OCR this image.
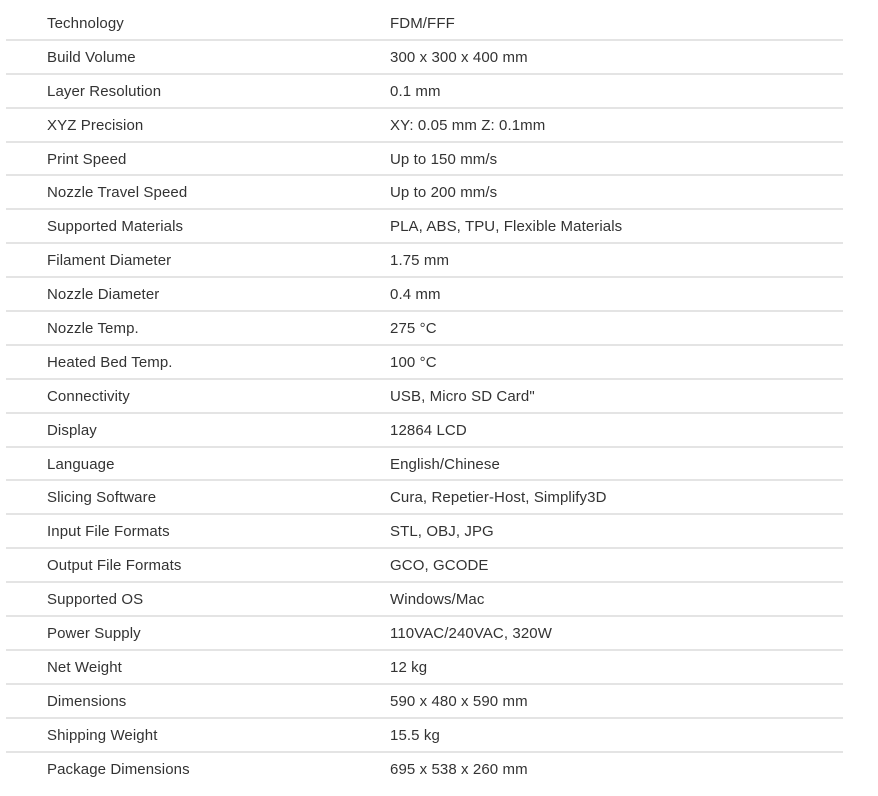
Technology	FDM/FFF
Build Volume	300 x 300 x 400 mm
Layer Resolution	0.1 mm
XYZ Precision	XY: 0.05 mm Z: 0.1mm
Print Speed	Up to 150 mm/s
Nozzle Travel Speed	Up to 200 mm/s
Supported Materials	PLA, ABS, TPU, Flexible Materials
Filament Diameter	1.75 mm
Nozzle Diameter	0.4 mm
Nozzle Temp.	275 °C
Heated Bed Temp.	100 °C
Connectivity	USB, Micro SD Card"
Display	12864 LCD
Language	English/Chinese
Slicing Software	Cura, Repetier-Host, Simplify3D
Input File Formats	STL, OBJ, JPG
Output File Formats	GCO, GCODE
Supported OS	Windows/Mac
Power Supply	110VAC/240VAC, 320W
Net Weight	12 kg
Dimensions	590 x 480 x 590 mm
Shipping Weight	15.5 kg
Package Dimensions	695 x 538 x 260 mm
